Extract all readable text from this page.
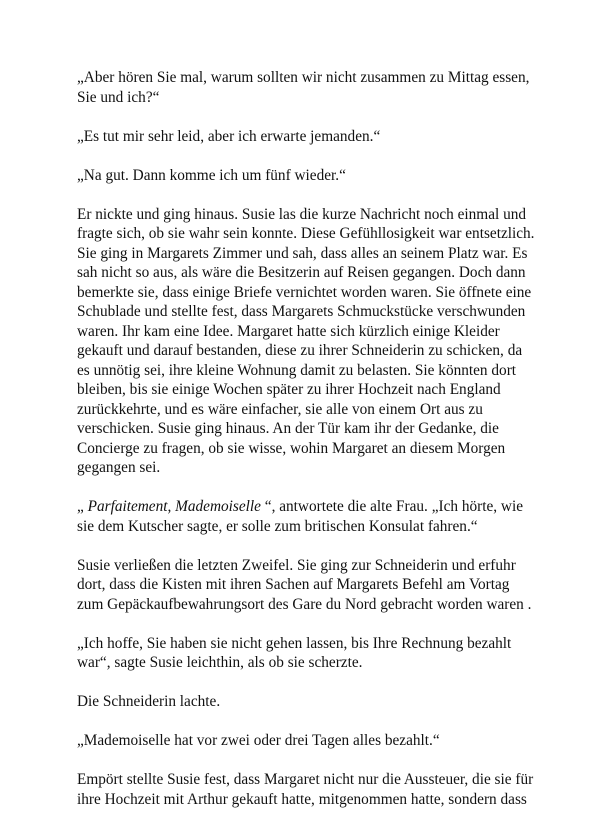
„Aber hören Sie mal, warum sollten wir nicht zusammen zu Mittag essen, Sie und ich?“

„Es tut mir sehr leid, aber ich erwarte jemanden.“

„Na gut. Dann komme ich um fünf wieder.“

Er nickte und ging hinaus. Susie las die kurze Nachricht noch einmal und fragte sich, ob sie wahr sein konnte. Diese Gefühllosigkeit war entsetzlich. Sie ging in Margarets Zimmer und sah, dass alles an seinem Platz war. Es sah nicht so aus, als wäre die Besitzerin auf Reisen gegangen. Doch dann bemerkte sie, dass einige Briefe vernichtet worden waren. Sie öffnete eine Schublade und stellte fest, dass Margarets Schmuckstücke verschwunden waren. Ihr kam eine Idee. Margaret hatte sich kürzlich einige Kleider gekauft und darauf bestanden, diese zu ihrer Schneiderin zu schicken, da es unnötig sei, ihre kleine Wohnung damit zu belasten. Sie könnten dort bleiben, bis sie einige Wochen später zu ihrer Hochzeit nach England zurückkehrte, und es wäre einfacher, sie alle von einem Ort aus zu verschicken. Susie ging hinaus. An der Tür kam ihr der Gedanke, die Concierge zu fragen, ob sie wisse, wohin Margaret an diesem Morgen gegangen sei.

„ Parfaitement, Mademoiselle “, antwortete die alte Frau. „Ich hörte, wie sie dem Kutscher sagte, er solle zum britischen Konsulat fahren.“

Susie verließen die letzten Zweifel. Sie ging zur Schneiderin und erfuhr dort, dass die Kisten mit ihren Sachen auf Margarets Befehl am Vortag zum Gepäckaufbewahrungsort des Gare du Nord gebracht worden waren .

„Ich hoffe, Sie haben sie nicht gehen lassen, bis Ihre Rechnung bezahlt war“, sagte Susie leichthin, als ob sie scherzte.

Die Schneiderin lachte.

„Mademoiselle hat vor zwei oder drei Tagen alles bezahlt.“

Empört stellte Susie fest, dass Margaret nicht nur die Aussteuer, die sie für ihre Hochzeit mit Arthur gekauft hatte, mitgenommen hatte, sondern dass
